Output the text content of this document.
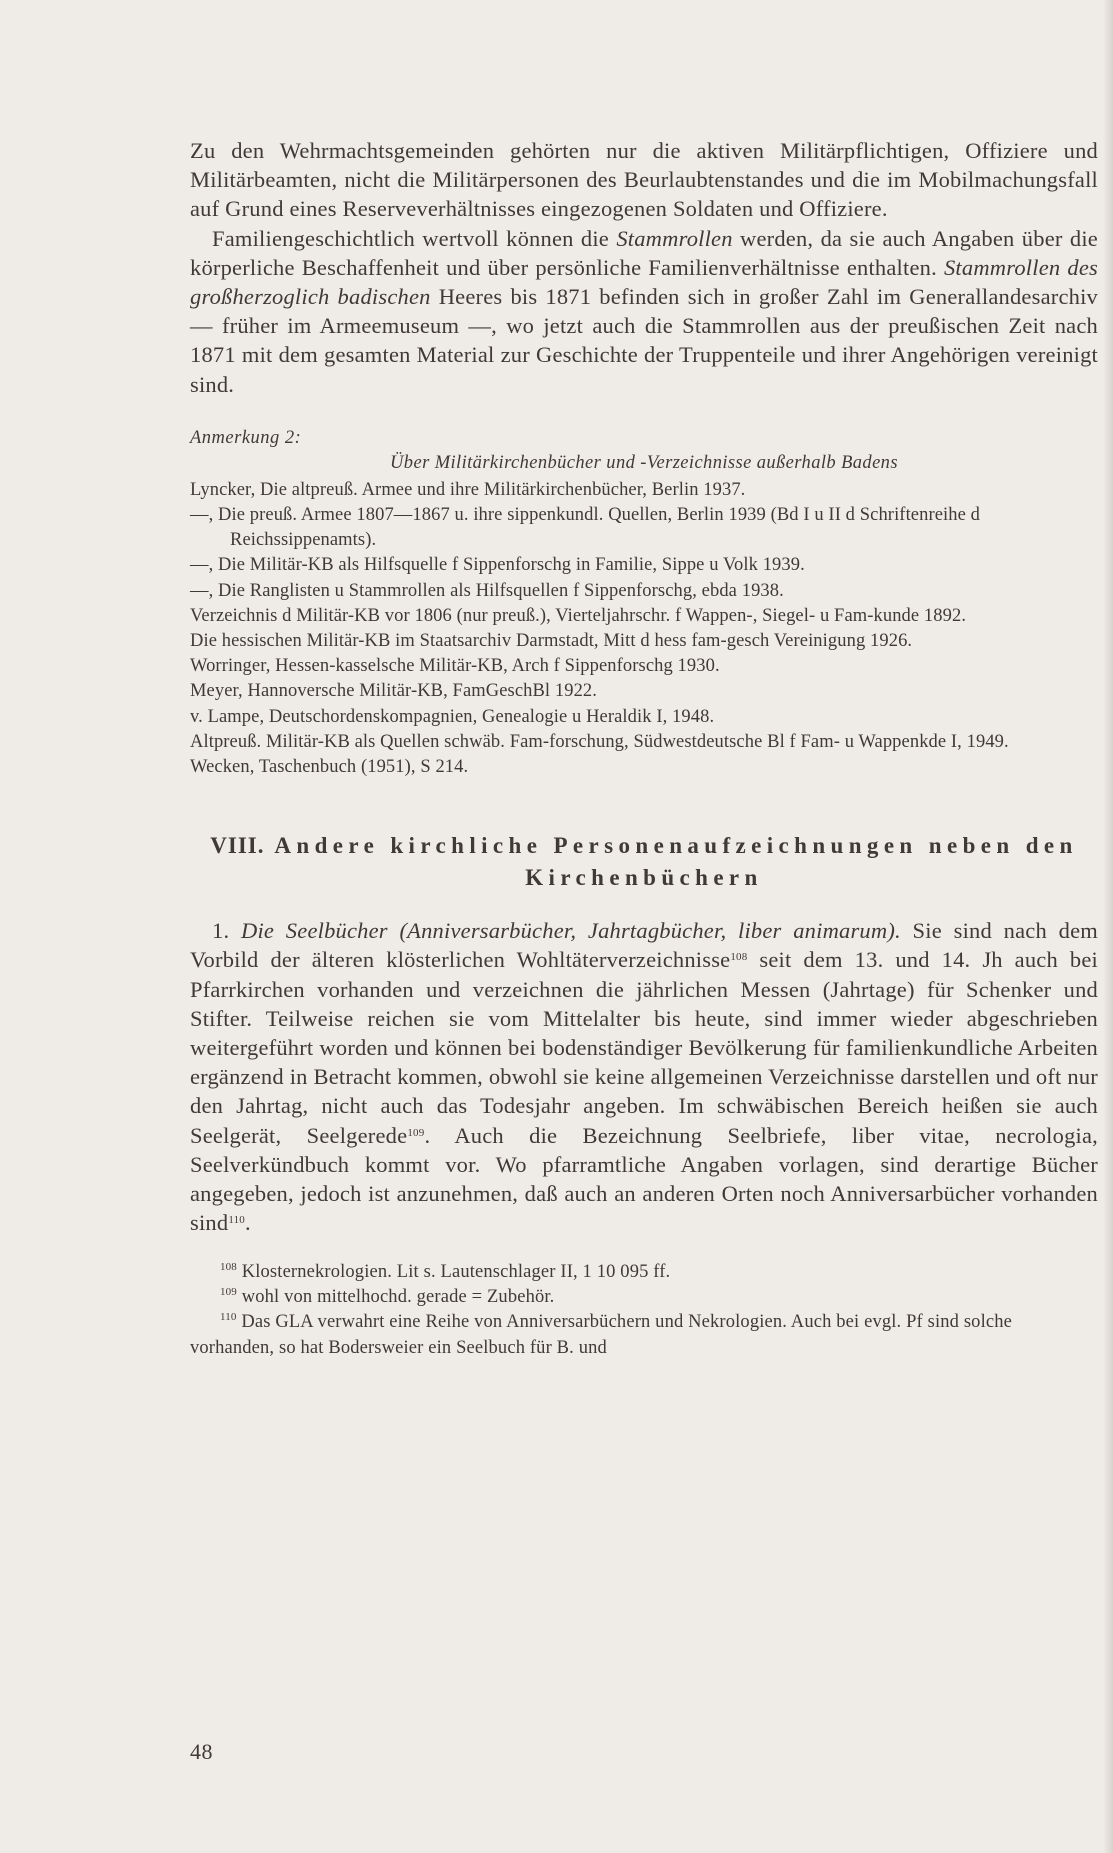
Zu den Wehrmachtsgemeinden gehörten nur die aktiven Militärpflichtigen, Offiziere und Militärbeamten, nicht die Militärpersonen des Beurlaubtenstandes und die im Mobilmachungsfall auf Grund eines Reserveverhältnisses eingezogenen Soldaten und Offiziere.

Familiengeschichtlich wertvoll können die Stammrollen werden, da sie auch Angaben über die körperliche Beschaffenheit und über persönliche Familienverhältnisse enthalten. Stammrollen des großherzoglich badischen Heeres bis 1871 befinden sich in großer Zahl im Generallandesarchiv — früher im Armeemuseum —, wo jetzt auch die Stammrollen aus der preußischen Zeit nach 1871 mit dem gesamten Material zur Geschichte der Truppenteile und ihrer Angehörigen vereinigt sind.

Anmerkung 2:

Über Militärkirchenbücher und -Verzeichnisse außerhalb Badens

Lyncker, Die altpreuß. Armee und ihre Militärkirchenbücher, Berlin 1937.
—, Die preuß. Armee 1807—1867 u. ihre sippenkundl. Quellen, Berlin 1939 (Bd I u II d Schriftenreihe d Reichssippenamts).
—, Die Militär-KB als Hilfsquelle f Sippenforschg in Familie, Sippe u Volk 1939.
—, Die Ranglisten u Stammrollen als Hilfsquellen f Sippenforschg, ebda 1938.
Verzeichnis d Militär-KB vor 1806 (nur preuß.), Vierteljahrschr. f Wappen-, Siegel- u Fam-kunde 1892.
Die hessischen Militär-KB im Staatsarchiv Darmstadt, Mitt d hess fam-gesch Vereinigung 1926.
Worringer, Hessen-kasselsche Militär-KB, Arch f Sippenforschg 1930.
Meyer, Hannoversche Militär-KB, FamGeschBl 1922.
v. Lampe, Deutschordenskompagnien, Genealogie u Heraldik I, 1948.
Altpreuß. Militär-KB als Quellen schwäb. Fam-forschung, Südwestdeutsche Bl f Fam- u Wappenkde I, 1949.
Wecken, Taschenbuch (1951), S 214.
VIII. Andere kirchliche Personenaufzeichnungen neben den Kirchenbüchern

1. Die Seelbücher (Anniversarbücher, Jahrtagbücher, liber animarum). Sie sind nach dem Vorbild der älteren klösterlichen Wohltäterverzeichnisse$^{108}$ seit dem 13. und 14. Jh auch bei Pfarrkirchen vorhanden und verzeichnen die jährlichen Messen (Jahrtage) für Schenker und Stifter. Teilweise reichen sie vom Mittelalter bis heute, sind immer wieder abgeschrieben weitergeführt worden und können bei bodenständiger Bevölkerung für familienkundliche Arbeiten ergänzend in Betracht kommen, obwohl sie keine allgemeinen Verzeichnisse darstellen und oft nur den Jahrtag, nicht auch das Todesjahr angeben. Im schwäbischen Bereich heißen sie auch Seelgerät, Seelgerede$^{109}$. Auch die Bezeichnung Seelbriefe, liber vitae, necrologia, Seelverkündbuch kommt vor. Wo pfarramtliche Angaben vorlagen, sind derartige Bücher angegeben, jedoch ist anzunehmen, daß auch an anderen Orten noch Anniversarbücher vorhanden sind$^{110}$.

$^{108}$ Klosternekrologien. Lit s. Lautenschlager II, 1 10 095 ff.
$^{109}$ wohl von mittelhochd. gerade = Zubehör.
$^{110}$ Das GLA verwahrt eine Reihe von Anniversarbüchern und Nekrologien. Auch bei evgl. Pf sind solche vorhanden, so hat Bodersweier ein Seelbuch für B. und
48
